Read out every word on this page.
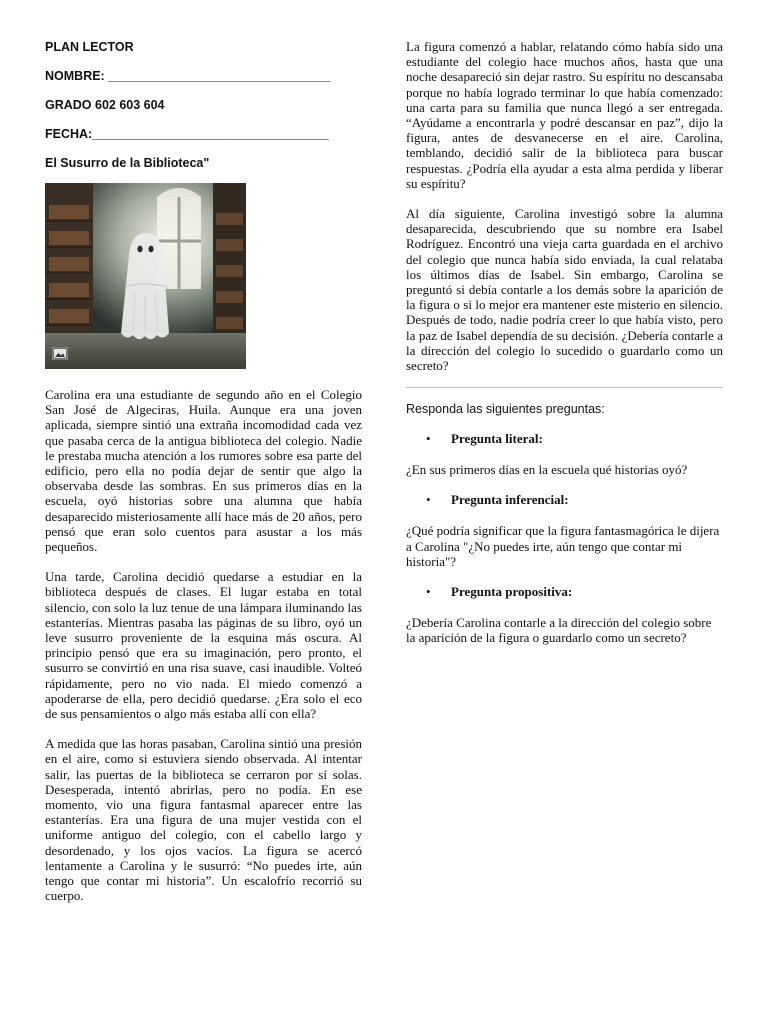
PLAN LECTOR

NOMBRE: ________________________________

GRADO 602 603 604

FECHA:__________________________________

El Susurro de la Biblioteca"

Carolina era una estudiante de segundo año en el Colegio San José de Algeciras, Huila. Aunque era una joven aplicada, siempre sintió una extraña incomodidad cada vez que pasaba cerca de la antigua biblioteca del colegio. Nadie le prestaba mucha atención a los rumores sobre esa parte del edificio, pero ella no podía dejar de sentir que algo la observaba desde las sombras. En sus primeros días en la escuela, oyó historias sobre una alumna que había desaparecido misteriosamente allí hace más de 20 años, pero pensó que eran solo cuentos para asustar a los más pequeños.

Una tarde, Carolina decidió quedarse a estudiar en la biblioteca después de clases. El lugar estaba en total silencio, con solo la luz tenue de una lámpara iluminando las estanterías. Mientras pasaba las páginas de su libro, oyó un leve susurro proveniente de la esquina más oscura. Al principio pensó que era su imaginación, pero pronto, el susurro se convirtió en una risa suave, casi inaudible. Volteó rápidamente, pero no vio nada. El miedo comenzó a apoderarse de ella, pero decidió quedarse. ¿Era solo el eco de sus pensamientos o algo más estaba allí con ella?

A medida que las horas pasaban, Carolina sintió una presión en el aire, como si estuviera siendo observada. Al intentar salir, las puertas de la biblioteca se cerraron por sí solas. Desesperada, intentó abrirlas, pero no podía. En ese momento, vio una figura fantasmal aparecer entre las estanterías. Era una figura de una mujer vestida con el uniforme antiguo del colegio, con el cabello largo y desordenado, y los ojos vacíos. La figura se acercó lentamente a Carolina y le susurró: “No puedes irte, aún tengo que contar mi historia”. Un escalofrío recorrió su cuerpo.

La figura comenzó a hablar, relatando cómo había sido una estudiante del colegio hace muchos años, hasta que una noche desapareció sin dejar rastro. Su espíritu no descansaba porque no había logrado terminar lo que había comenzado: una carta para su familia que nunca llegó a ser entregada. “Ayúdame a encontrarla y podré descansar en paz”, dijo la figura, antes de desvanecerse en el aire. Carolina, temblando, decidió salir de la biblioteca para buscar respuestas. ¿Podría ella ayudar a esta alma perdida y liberar su espíritu?

Al día siguiente, Carolina investigó sobre la alumna desaparecida, descubriendo que su nombre era Isabel Rodríguez. Encontró una vieja carta guardada en el archivo del colegio que nunca había sido enviada, la cual relataba los últimos días de Isabel. Sin embargo, Carolina se preguntó si debía contarle a los demás sobre la aparición de la figura o si lo mejor era mantener este misterio en silencio. Después de todo, nadie podría creer lo que había visto, pero la paz de Isabel dependía de su decisión. ¿Debería contarle a la dirección del colegio lo sucedido o guardarlo como un secreto?

Responda las siguientes preguntas:

• Pregunta literal:

¿En sus primeros días en la escuela qué historias oyó?

• Pregunta inferencial:

¿Qué podría significar que la figura fantasmagórica le dijera a Carolina "¿No puedes irte, aún tengo que contar mi historia"?

• Pregunta propositiva:

¿Debería Carolina contarle a la dirección del colegio sobre la aparición de la figura o guardarlo como un secreto?
